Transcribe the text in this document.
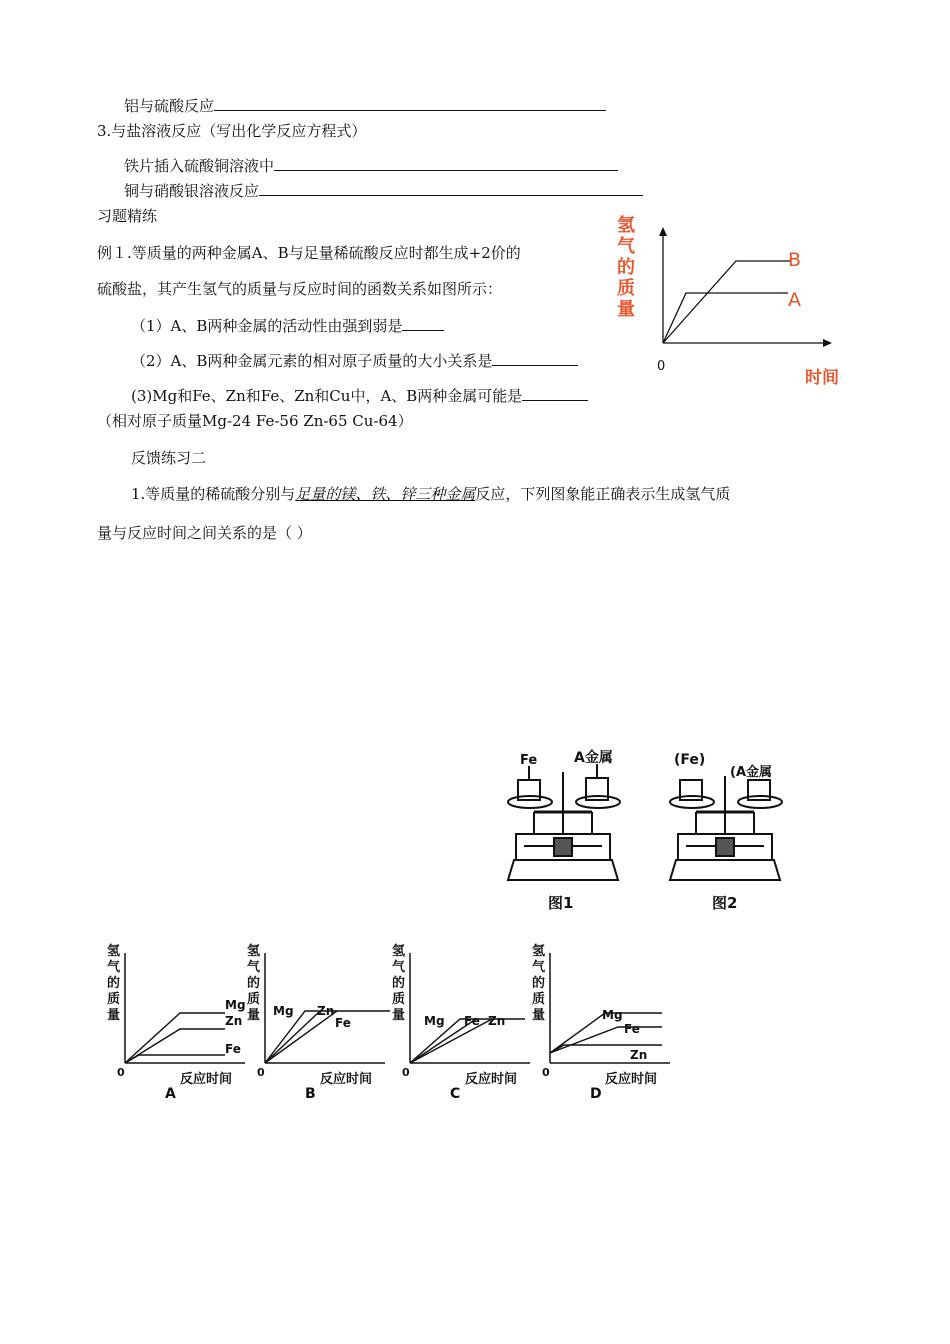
铝与硫酸反应
3.与盐溶液反应（写出化学反应方程式）
铁片插入硫酸铜溶液中
铜与硝酸银溶液反应
习题精练
例１.等质量的两种金属A、B与足量稀硫酸反应时都生成+2价的
硫酸盐，其产生氢气的质量与反应时间的函数关系如图所示：
（1）A、B两种金属的活动性由强到弱是
（2）A、B两种金属元素的相对原子质量的大小关系是
(3)Mg和Fe、Zn和Fe、Zn和Cu中，A、B两种金属可能是
（相对原子质量Mg-24 Fe-56 Zn-65 Cu-64）
反馈练习二
1.等质量的稀硫酸分别与足量的镁、铁、锌三种金属反应，下列图象能正确表示生成氢气质
量与反应时间之间关系的是（ ）
氢气的质量
B
A
0
时间
Fe	A金属
图1
(Fe)
(A金属
图2
氢
气
的
质
量
0	反应时间
A
Mg
Zn
Fe
氢
气
的
质
量
0	反应时间
B
Mg Zn
Fe
氢
气
的
质
量
0	反应时间
C
Mg Fe Zn
氢
气
的
质
量
0	反应时间
D
Mg
Fe
Zn
